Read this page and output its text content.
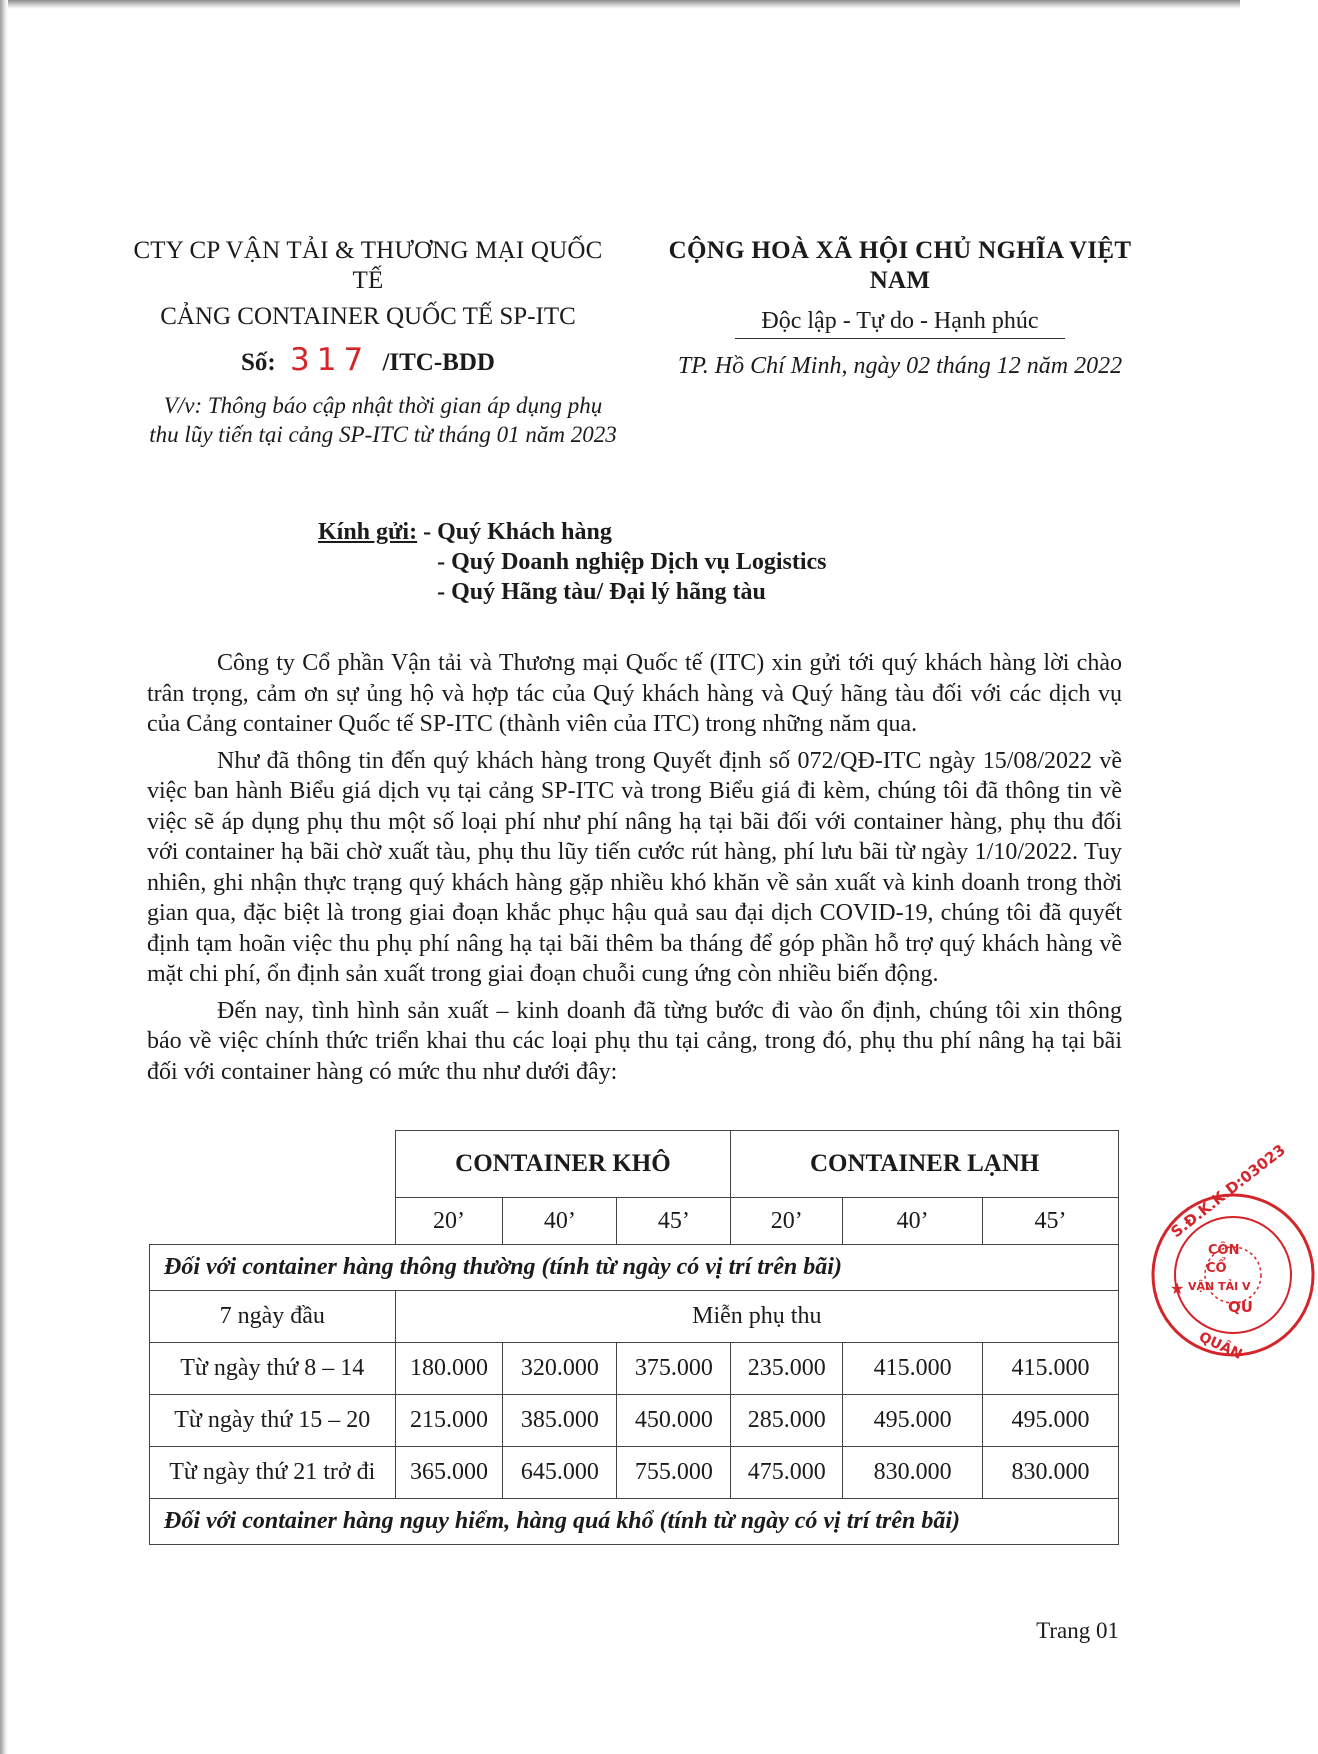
CTY CP VẬN TẢI & THƯƠNG MẠI QUỐC TẾ
CẢNG CONTAINER QUỐC TẾ SP-ITC
Số: 317 /ITC-BDD
V/v: Thông báo cập nhật thời gian áp dụng phụ thu lũy tiến tại cảng SP-ITC từ tháng 01 năm 2023
CỘNG HOÀ XÃ HỘI CHỦ NGHĨA VIỆT NAM
Độc lập - Tự do - Hạnh phúc
TP. Hồ Chí Minh, ngày 02 tháng 12 năm 2022
Kính gửi: - Quý Khách hàng
- Quý Doanh nghiệp Dịch vụ Logistics
- Quý Hãng tàu/ Đại lý hãng tàu

Công ty Cổ phần Vận tải và Thương mại Quốc tế (ITC) xin gửi tới quý khách hàng lời chào trân trọng, cảm ơn sự ủng hộ và hợp tác của Quý khách hàng và Quý hãng tàu đối với các dịch vụ của Cảng container Quốc tế SP-ITC (thành viên của ITC) trong những năm qua.

Như đã thông tin đến quý khách hàng trong Quyết định số 072/QĐ-ITC ngày 15/08/2022 về việc ban hành Biểu giá dịch vụ tại cảng SP-ITC và trong Biểu giá đi kèm, chúng tôi đã thông tin về việc sẽ áp dụng phụ thu một số loại phí như phí nâng hạ tại bãi đối với container hàng, phụ thu đối với container hạ bãi chờ xuất tàu, phụ thu lũy tiến cước rút hàng, phí lưu bãi từ ngày 1/10/2022. Tuy nhiên, ghi nhận thực trạng quý khách hàng gặp nhiều khó khăn về sản xuất và kinh doanh trong thời gian qua, đặc biệt là trong giai đoạn khắc phục hậu quả sau đại dịch COVID-19, chúng tôi đã quyết định tạm hoãn việc thu phụ phí nâng hạ tại bãi thêm ba tháng để góp phần hỗ trợ quý khách hàng về mặt chi phí, ổn định sản xuất trong giai đoạn chuỗi cung ứng còn nhiều biến động.

Đến nay, tình hình sản xuất – kinh doanh đã từng bước đi vào ổn định, chúng tôi xin thông báo về việc chính thức triển khai thu các loại phụ thu tại cảng, trong đó, phụ thu phí nâng hạ tại bãi đối với container hàng có mức thu như dưới đây:

	CONTAINER KHÔ			CONTAINER LẠNH		
	20’	40’	45’	20’	40’	45’
Đối với container hàng thông thường (tính từ ngày có vị trí trên bãi)						
7 ngày đầu	Miễn phụ thu					
Từ ngày thứ 8 – 14	180.000	320.000	375.000	235.000	415.000	415.000
Từ ngày thứ 15 – 20	215.000	385.000	450.000	285.000	495.000	495.000
Từ ngày thứ 21 trở đi	365.000	645.000	755.000	475.000	830.000	830.000
Đối với container hàng nguy hiểm, hàng quá khổ (tính từ ngày có vị trí trên bãi)						
Trang 01
S.Đ.K.K.D:03023
CÔN
CỔ
VẬN TẢI V
QU
QUẬN
★
